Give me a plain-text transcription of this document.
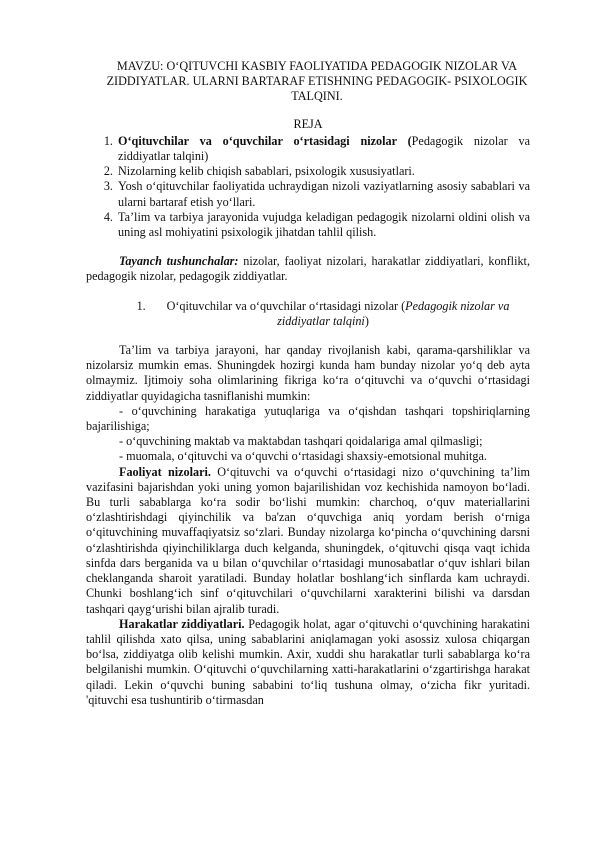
MAVZU: O‘QITUVCHI KASBIY FAOLIYATIDA PEDAGOGIK NIZOLAR VA ZIDDIYATLAR. ULARNI BARTARAF ETISHNING PEDAGOGIK- PSIXOLOGIK TALQINI.
REJA
1. O‘qituvchilar va o‘quvchilar o‘rtasidagi nizolar (Pedagogik nizolar va ziddiyatlar talqini)
2. Nizolarning kelib chiqish sabablari, psixologik xususiyatlari.
3. Yosh o‘qituvchilar faoliyatida uchraydigan nizoli vaziyatlarning asosiy sabablari va ularni bartaraf etish yo‘llari.
4. Ta’lim va tarbiya jarayonida vujudga keladigan pedagogik nizolarni oldini olish va uning asl mohiyatini psixologik jihatdan tahlil qilish.

Tayanch tushunchalar: nizolar, faoliyat nizolari, harakatlar ziddiyatlari, konflikt, pedagogik nizolar, pedagogik ziddiyatlar.

1. O‘qituvchilar va o‘quvchilar o‘rtasidagi nizolar (Pedagogik nizolar va ziddiyatlar talqini)

Ta’lim va tarbiya jarayoni, har qanday rivojlanish kabi, qarama-qarshiliklar va nizolarsiz mumkin emas. Shuningdek hozirgi kunda ham bunday nizolar yo‘q deb ayta olmaymiz. Ijtimoiy soha olimlarining fikriga ko‘ra o‘qituvchi va o‘quvchi o‘rtasidagi ziddiyatlar quyidagicha tasniflanishi mumkin:

- o‘quvchining harakatiga yutuqlariga va o‘qishdan tashqari topshiriqlarning bajarilishiga;

- o‘quvchining maktab va maktabdan tashqari qoidalariga amal qilmasligi;

- muomala, o‘qituvchi va o‘quvchi o‘rtasidagi shaxsiy-emotsional muhitga.

Faoliyat nizolari. O‘qituvchi va o‘quvchi o‘rtasidagi nizo o‘quvchining ta’lim vazifasini bajarishdan yoki uning yomon bajarilishidan voz kechishida namoyon bo‘ladi. Bu turli sabablarga ko‘ra sodir bo‘lishi mumkin: charchoq, o‘quv materiallarini o‘zlashtirishdagi qiyinchilik va ba'zan o‘quvchiga aniq yordam berish o‘rniga o‘qituvchining muvaffaqiyatsiz so‘zlari. Bunday nizolarga ko‘pincha o‘quvchining darsni o‘zlashtirishda qiyinchiliklarga duch kelganda, shuningdek, o‘qituvchi qisqa vaqt ichida sinfda dars berganida va u bilan o‘quvchilar o‘rtasidagi munosabatlar o‘quv ishlari bilan cheklanganda sharoit yaratiladi. Bunday holatlar boshlang‘ich sinflarda kam uchraydi. Chunki boshlang‘ich sinf o‘qituvchilari o‘quvchilarni xarakterini bilishi va darsdan tashqari qayg‘urishi bilan ajralib turadi.

Harakatlar ziddiyatlari. Pedagogik holat, agar o‘qituvchi o‘quvchining harakatini tahlil qilishda xato qilsa, uning sabablarini aniqlamagan yoki asossiz xulosa chiqargan bo‘lsa, ziddiyatga olib kelishi mumkin. Axir, xuddi shu harakatlar turli sabablarga ko‘ra belgilanishi mumkin. O‘qituvchi o‘quvchilarning xatti-harakatlarini o‘zgartirishga harakat qiladi. Lekin o‘quvchi buning sababini to‘liq tushuna olmay, o‘zicha fikr yuritadi. 'qituvchi esa tushuntirib o‘tirmasdan
